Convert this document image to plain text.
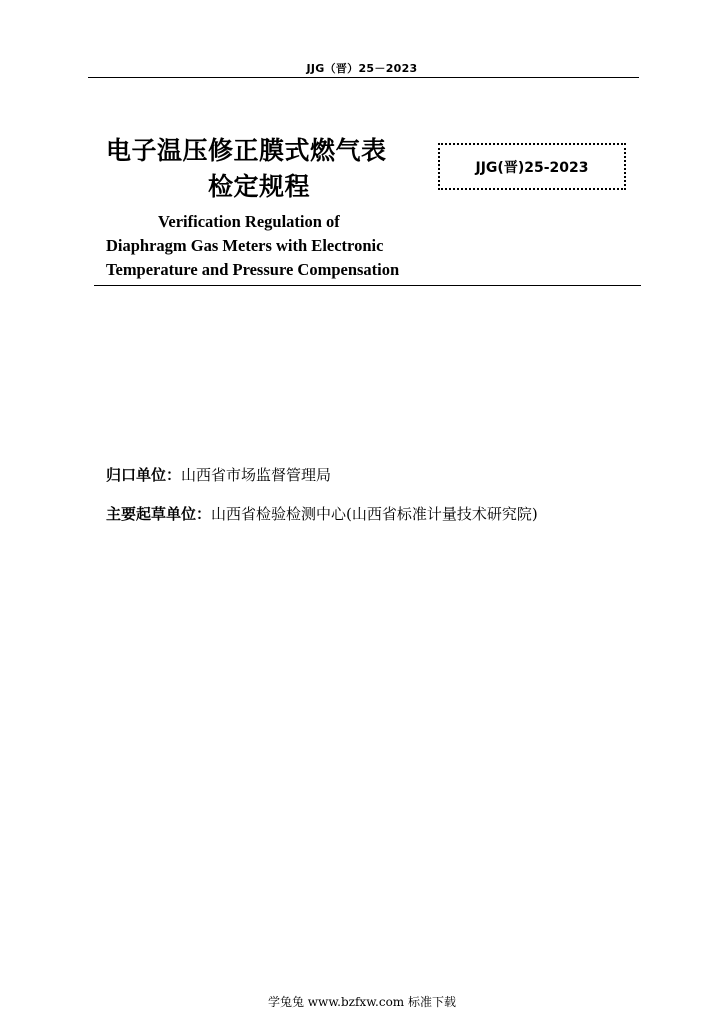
JJG（晋）25－2023
电子温压修正膜式燃气表
检定规程
JJG(晋)25-2023
Verification Regulation of
Diaphragm Gas Meters with Electronic
Temperature and Pressure Compensation
归口单位：山西省市场监督管理局
主要起草单位：山西省检验检测中心(山西省标准计量技术研究院)
学兔兔 www.bzfxw.com 标准下载
